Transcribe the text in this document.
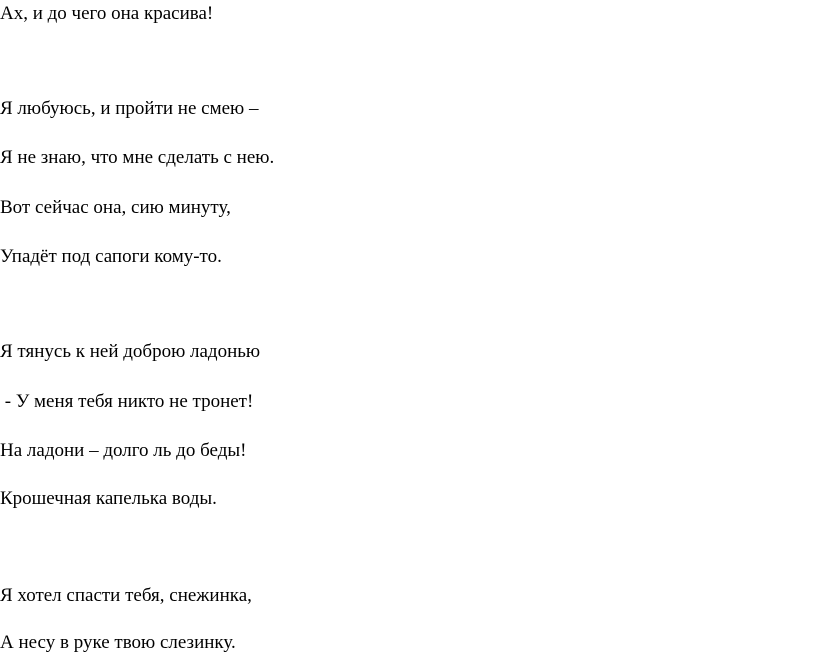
Ах, и до чего она красива!

Я любуюсь, и пройти не смею –

Я не знаю, что мне сделать с нею.

Вот сейчас она, сию минуту,

Упадёт под сапоги кому-то.

Я тянусь к ней доброю ладонью

- У меня тебя никто не тронет!

На ладони – долго ль до беды!

Крошечная капелька воды.

Я хотел спасти тебя, снежинка,

А несу в руке твою слезинку.
